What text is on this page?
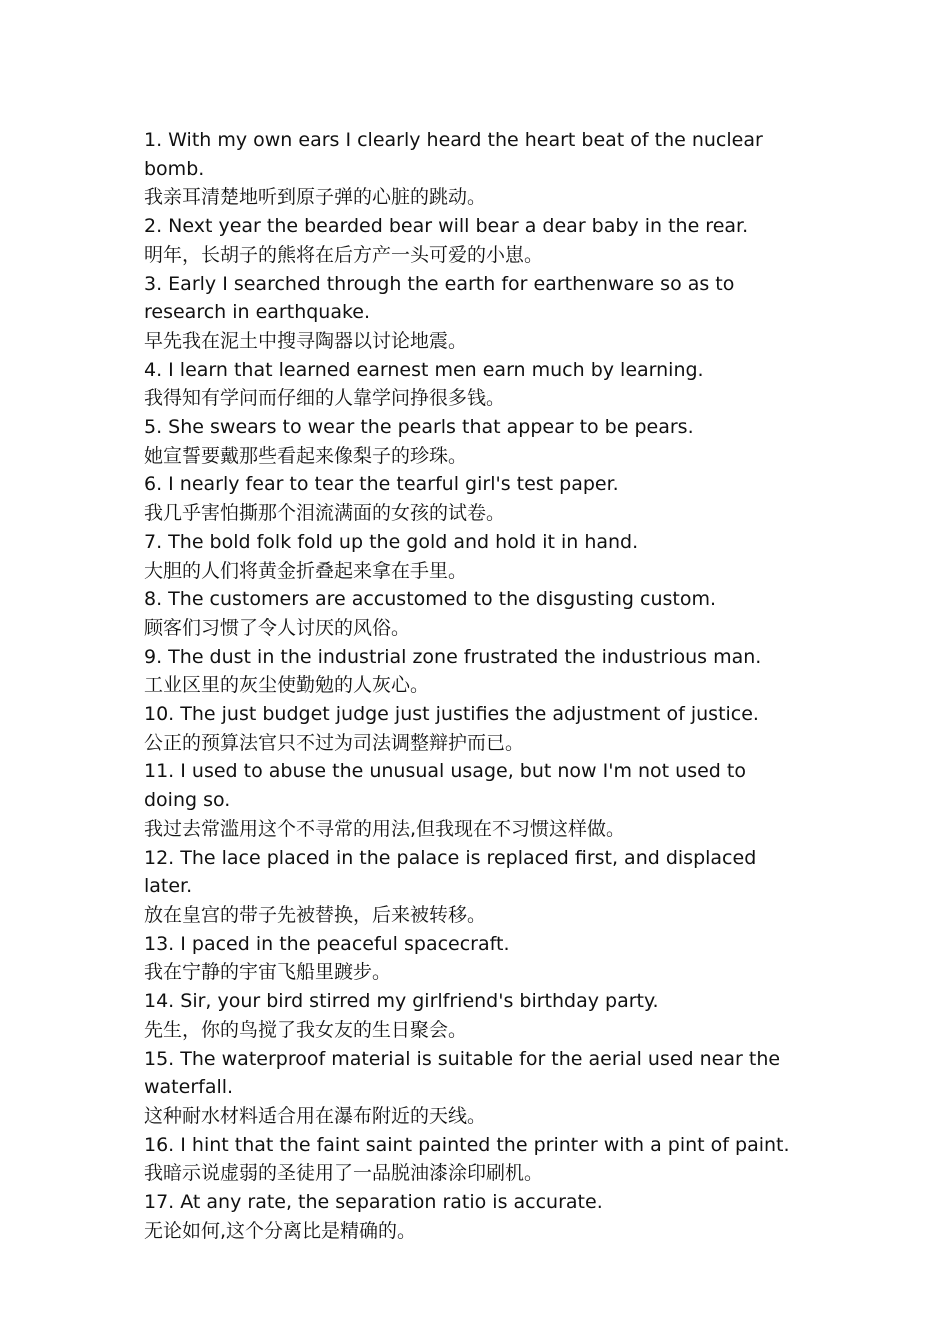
1. With my own ears I clearly heard the heart beat of the nuclear bomb.
我亲耳清楚地听到原子弹的心脏的跳动。
2. Next year the bearded bear will bear a dear baby in the rear.
明年，长胡子的熊将在后方产一头可爱的小崽。
3. Early I searched through the earth for earthenware so as to research in earthquake.
早先我在泥土中搜寻陶器以讨论地震。
4. I learn that learned earnest men earn much by learning.
我得知有学问而仔细的人靠学问挣很多钱。
5. She swears to wear the pearls that appear to be pears.
她宣誓要戴那些看起来像梨子的珍珠。
6. I nearly fear to tear the tearful girl's test paper.
我几乎害怕撕那个泪流满面的女孩的试卷。
7. The bold folk fold up the gold and hold it in hand.
大胆的人们将黄金折叠起来拿在手里。
8. The customers are accustomed to the disgusting custom.
顾客们习惯了令人讨厌的风俗。
9. The dust in the industrial zone frustrated the industrious man.
工业区里的灰尘使勤勉的人灰心。
10. The just budget judge just justifies the adjustment of justice.
公正的预算法官只不过为司法调整辩护而已。
11. I used to abuse the unusual usage, but now I'm not used to doing so.
我过去常滥用这个不寻常的用法,但我现在不习惯这样做。
12. The lace placed in the palace is replaced first, and displaced later.
放在皇宫的带子先被替换，后来被转移。
13. I paced in the peaceful spacecraft.
我在宁静的宇宙飞船里踱步。
14. Sir, your bird stirred my girlfriend's birthday party.
先生，你的鸟搅了我女友的生日聚会。
15. The waterproof material is suitable for the aerial used near the waterfall.
这种耐水材料适合用在瀑布附近的天线。
16. I hint that the faint saint painted the printer with a pint of paint.
我暗示说虚弱的圣徒用了一品脱油漆涂印刷机。
17. At any rate, the separation ratio is accurate.
无论如何,这个分离比是精确的。
